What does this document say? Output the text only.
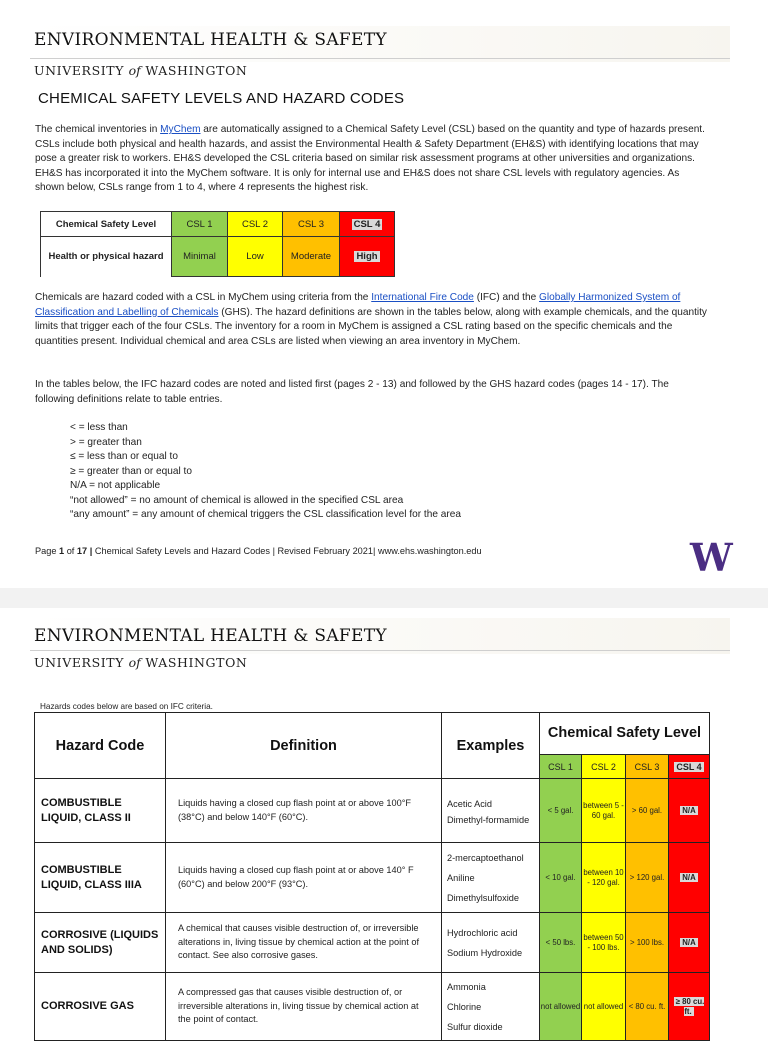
ENVIRONMENTAL HEALTH & SAFETY
UNIVERSITY of WASHINGTON
CHEMICAL SAFETY LEVELS AND HAZARD CODES

The chemical inventories in MyChem are automatically assigned to a Chemical Safety Level (CSL) based on the quantity and type of hazards present. CSLs include both physical and health hazards, and assist the Environmental Health & Safety Department (EH&S) with identifying locations that may pose a greater risk to workers. EH&S developed the CSL criteria based on similar risk assessment programs at other universities and organizations. EH&S has incorporated it into the MyChem software. It is only for internal use and EH&S does not share CSL levels with regulatory agencies. As shown below, CSLs range from 1 to 4, where 4 represents the highest risk.

Chemical Safety Level	CSL 1	CSL 2	CSL 3	CSL 4
Health or physical hazard	Minimal	Low	Moderate	High

Chemicals are hazard coded with a CSL in MyChem using criteria from the International Fire Code (IFC) and the Globally Harmonized System of Classification and Labelling of Chemicals (GHS). The hazard definitions are shown in the tables below, along with example chemicals, and the quantity limits that trigger each of the four CSLs. The inventory for a room in MyChem is assigned a CSL rating based on the specific chemicals and the quantities present. Individual chemical and area CSLs are listed when viewing an area inventory in MyChem.

In the tables below, the IFC hazard codes are noted and listed first (pages 2 - 13) and followed by the GHS hazard codes (pages 14 - 17). The following definitions relate to table entries.

< = less than
> = greater than
≤ = less than or equal to
≥ = greater than or equal to
N/A = not applicable
“not allowed” = no amount of chemical is allowed in the specified CSL area
“any amount” = any amount of chemical triggers the CSL classification level for the area
Page 1 of 17 | Chemical Safety Levels and Hazard Codes | Revised February 2021| www.ehs.washington.edu	W
ENVIRONMENTAL HEALTH & SAFETY
UNIVERSITY of WASHINGTON
Hazards codes below are based on IFC criteria.
Hazard Code	Definition	Examples	Chemical Safety Level			
			CSL 1	CSL 2	CSL 3	CSL 4
COMBUSTIBLE LIQUID, CLASS II	Liquids having a closed cup flash point at or above 100°F (38°C) and below 140°F (60°C).	Acetic Acid
Dimethyl-formamide	< 5 gal.	between 5 - 60 gal.	> 60 gal.	N/A
COMBUSTIBLE LIQUID, CLASS IIIA	Liquids having a closed cup flash point at or above 140° F (60°C) and below 200°F (93°C).	2-mercaptoethanol
Aniline
Dimethylsulfoxide	< 10 gal.	between 10 - 120 gal.	> 120 gal.	N/A
CORROSIVE (LIQUIDS AND SOLIDS)	A chemical that causes visible destruction of, or irreversible alterations in, living tissue by chemical action at the point of contact. See also corrosive gases.	Hydrochloric acid
Sodium Hydroxide	< 50 lbs.	between 50 - 100 lbs.	> 100 lbs.	N/A
CORROSIVE GAS	A compressed gas that causes visible destruction of, or irreversible alterations in, living tissue by chemical action at the point of contact.	Ammonia
Chlorine
Sulfur dioxide	not allowed	not allowed	< 80 cu. ft.	≥ 80 cu. ft.
